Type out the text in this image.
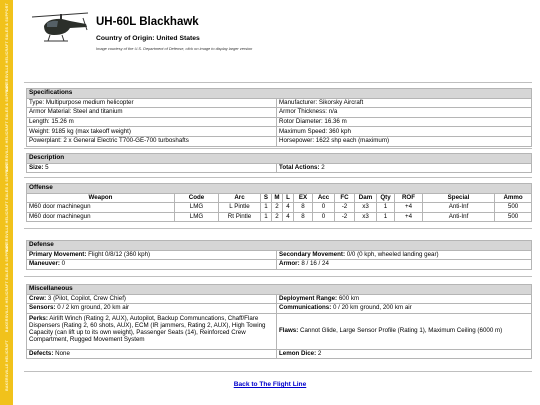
BAKERSVILLE HELICRAFT SALES & SUPPORT
BAKERSVILLE HELICRAFT SALES & SUPPORT
BAKERSVILLE HELICRAFT SALES & SUPPORT
BAKERSVILLE HELICRAFT SALES & SUPPORT
BAKERSVILLE HELICRAFT
UH-60L Blackhawk
Country of Origin: United States
Image courtesy of the U.S. Department of Defense, click on image to display larger version
Specifications	
Type: Multipurpose medium helicopter	Manufacturer: Sikorsky Aircraft
Armor Material: Steel and titanium	Armor Thickness: n/a
Length: 15.26 m	Rotor Diameter: 16.36 m
Weight: 9185 kg (max takeoff weight)	Maximum Speed: 360 kph
Powerplant: 2 x General Electric T700-GE-700 turboshafts	Horsepower: 1622 shp each (maximum)
Description
Size: 5	Total Actions: 2
Offense													
Weapon	Code	Arc	S	M	L	EX	Acc	FC	Dam	Qty	ROF	Special	Ammo
M60 door machinegun	LMG	L Pintle	1	2	4	8	0	-2	x3	1	+4	Anti-Inf	500
M60 door machinegun	LMG	Rt Pintle	1	2	4	8	0	-2	x3	1	+4	Anti-Inf	500
Defense	
Primary Movement: Flight 0/8/12 (360 kph)	Secondary Movement: 0/0 (0 kph, wheeled landing gear)
Maneuver: 0	Armor: 8 / 16 / 24
Miscellaneous	
Crew: 3 (Pilot, Copilot, Crew Chief)	Deployment Range: 600 km
Sensors: 0 / 2 km ground, 20 km air	Communications: 0 / 20 km ground, 200 km air
Perks: Airlift Winch (Rating 2, AUX), Autopilot, Backup Communcations, Chaff/Flare Dispensers (Rating 2, 60 shots, AUX), ECM (IR jammers, Rating 2, AUX), High Towing Capacity (can lift up to its own weight), Passenger Seats (14), Reinforced Crew Compartment, Rugged Movement System	Flaws: Cannot Glide, Large Sensor Profile (Rating 1), Maximum Ceiling (6000 m)
Defects: None	Lemon Dice: 2
Back to The Flight Line
